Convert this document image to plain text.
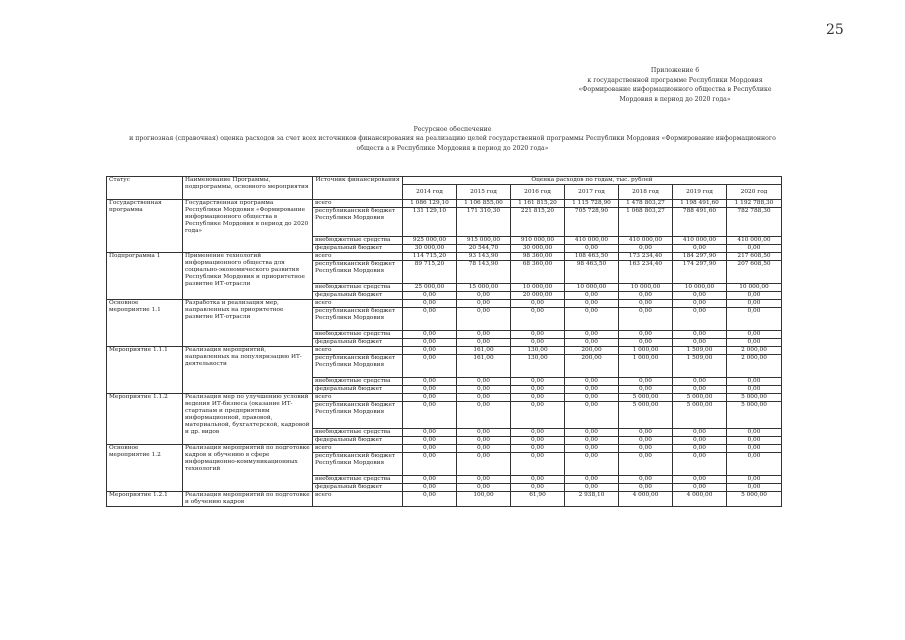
25
Приложение 6
к государственной программе Республики Мордовия
«Формирование информационного общества в Республике
Мордовия в период до 2020 года»
Ресурсное обеспечение
и прогнозная (справочная) оценка расходов за счет всех источников финансирования на реализацию целей государственной программы Республики Мордовия «Формирование информационного
обществ а в Республике Мордовия в период до 2020 года»
Статус	Наименование Программы, подпрограммы, основного мероприятия	Источник финансирования	Оценка расходов по годам, тыс. рублей						
			2014 год	2015 год	2016 год	2017 год	2018 год	2019 год	2020 год
Государственная программа	Государственная программа Республики Мордовия «Формирование информационного общества в Республике Мордовия в период до 2020 года»	всего	1 086 129,10	1 106 855,00	1 161 815,20	1 115 728,90	1 478 803,27	1 198 491,60	1 192 788,30
		республиканский бюджет Республики Мордовия	131 129,10	171 310,30	221 815,20	705 728,90	1 068 803,27	788 491,60	782 788,30
		внебюджетные средства	925 000,00	915 000,00	910 000,00	410 000,00	410 000,00	410 000,00	410 000,00
		федеральный бюджет	30 000,00	20 544,70	30 000,00	0,00	0,00	0,00	0,00
Подпрограмма 1	Применение технологий информационного общества для социально-экономического развития Республики Мордовия и приоритетное развитие ИТ-отрасли	всего	114 715,20	93 143,90	98 360,00	108 463,50	173 234,40	184 297,90	217 608,50
		республиканский бюджет Республики Мордовия	89 715,20	78 143,90	68 360,00	98 463,50	163 234,40	174 297,90	207 608,50
		внебюджетные средства	25 000,00	15 000,00	10 000,00	10 000,00	10 000,00	10 000,00	10 000,00
		федеральный бюджет	0,00	0,00	20 000,00	0,00	0,00	0,00	0,00
Основное мероприятие 1.1	Разработка и реализация мер, направленных на приоритетное развитие ИТ-отрасли	всего	0,00	0,00	0,00	0,00	0,00	0,00	0,00
		республиканский бюджет Республики Мордовия	0,00	0,00	0,00	0,00	0,00	0,00	0,00
		внебюджетные средства	0,00	0,00	0,00	0,00	0,00	0,00	0,00
		федеральный бюджет	0,00	0,00	0,00	0,00	0,00	0,00	0,00
Мероприятие 1.1.1	Реализация мероприятий, направленных на популяризацию ИТ-деятельности	всего	0,00	161,00	130,00	200,00	1 000,00	1 509,00	2 000,00
		республиканский бюджет Республики Мордовия	0,00	161,00	130,00	200,00	1 000,00	1 509,00	2 000,00
		внебюджетные средства	0,00	0,00	0,00	0,00	0,00	0,00	0,00
		федеральный бюджет	0,00	0,00	0,00	0,00	0,00	0,00	0,00
Мероприятие 1.1.2	Реализация мер по улучшению условий ведения ИТ-бизнеса (оказание ИТ-стартапам и предприятиям информационной, правовой, материальной, бухгалтерской, кадровой и др. видов	всего	0,00	0,00	0,00	0,00	5 000,00	5 000,00	5 000,00
		республиканский бюджет Республики Мордовия	0,00	0,00	0,00	0,00	5 000,00	5 000,00	5 000,00
		внебюджетные средства	0,00	0,00	0,00	0,00	0,00	0,00	0,00
		федеральный бюджет	0,00	0,00	0,00	0,00	0,00	0,00	0,00
Основное мероприятие 1.2	Реализация мероприятий по подготовке кадров и обучению в сфере информационно-коммуникационных технологий	всего	0,00	0,00	0,00	0,00	0,00	0,00	0,00
		республиканский бюджет Республики Мордовия	0,00	0,00	0,00	0,00	0,00	0,00	0,00
		внебюджетные средства	0,00	0,00	0,00	0,00	0,00	0,00	0,00
		федеральный бюджет	0,00	0,00	0,00	0,00	0,00	0,00	0,00
Мероприятие 1.2.1	Реализация мероприятий по подготовке и обучению кадров	всего	0,00	100,00	61,90	2 938,10	4 000,00	4 000,00	5 000,00
